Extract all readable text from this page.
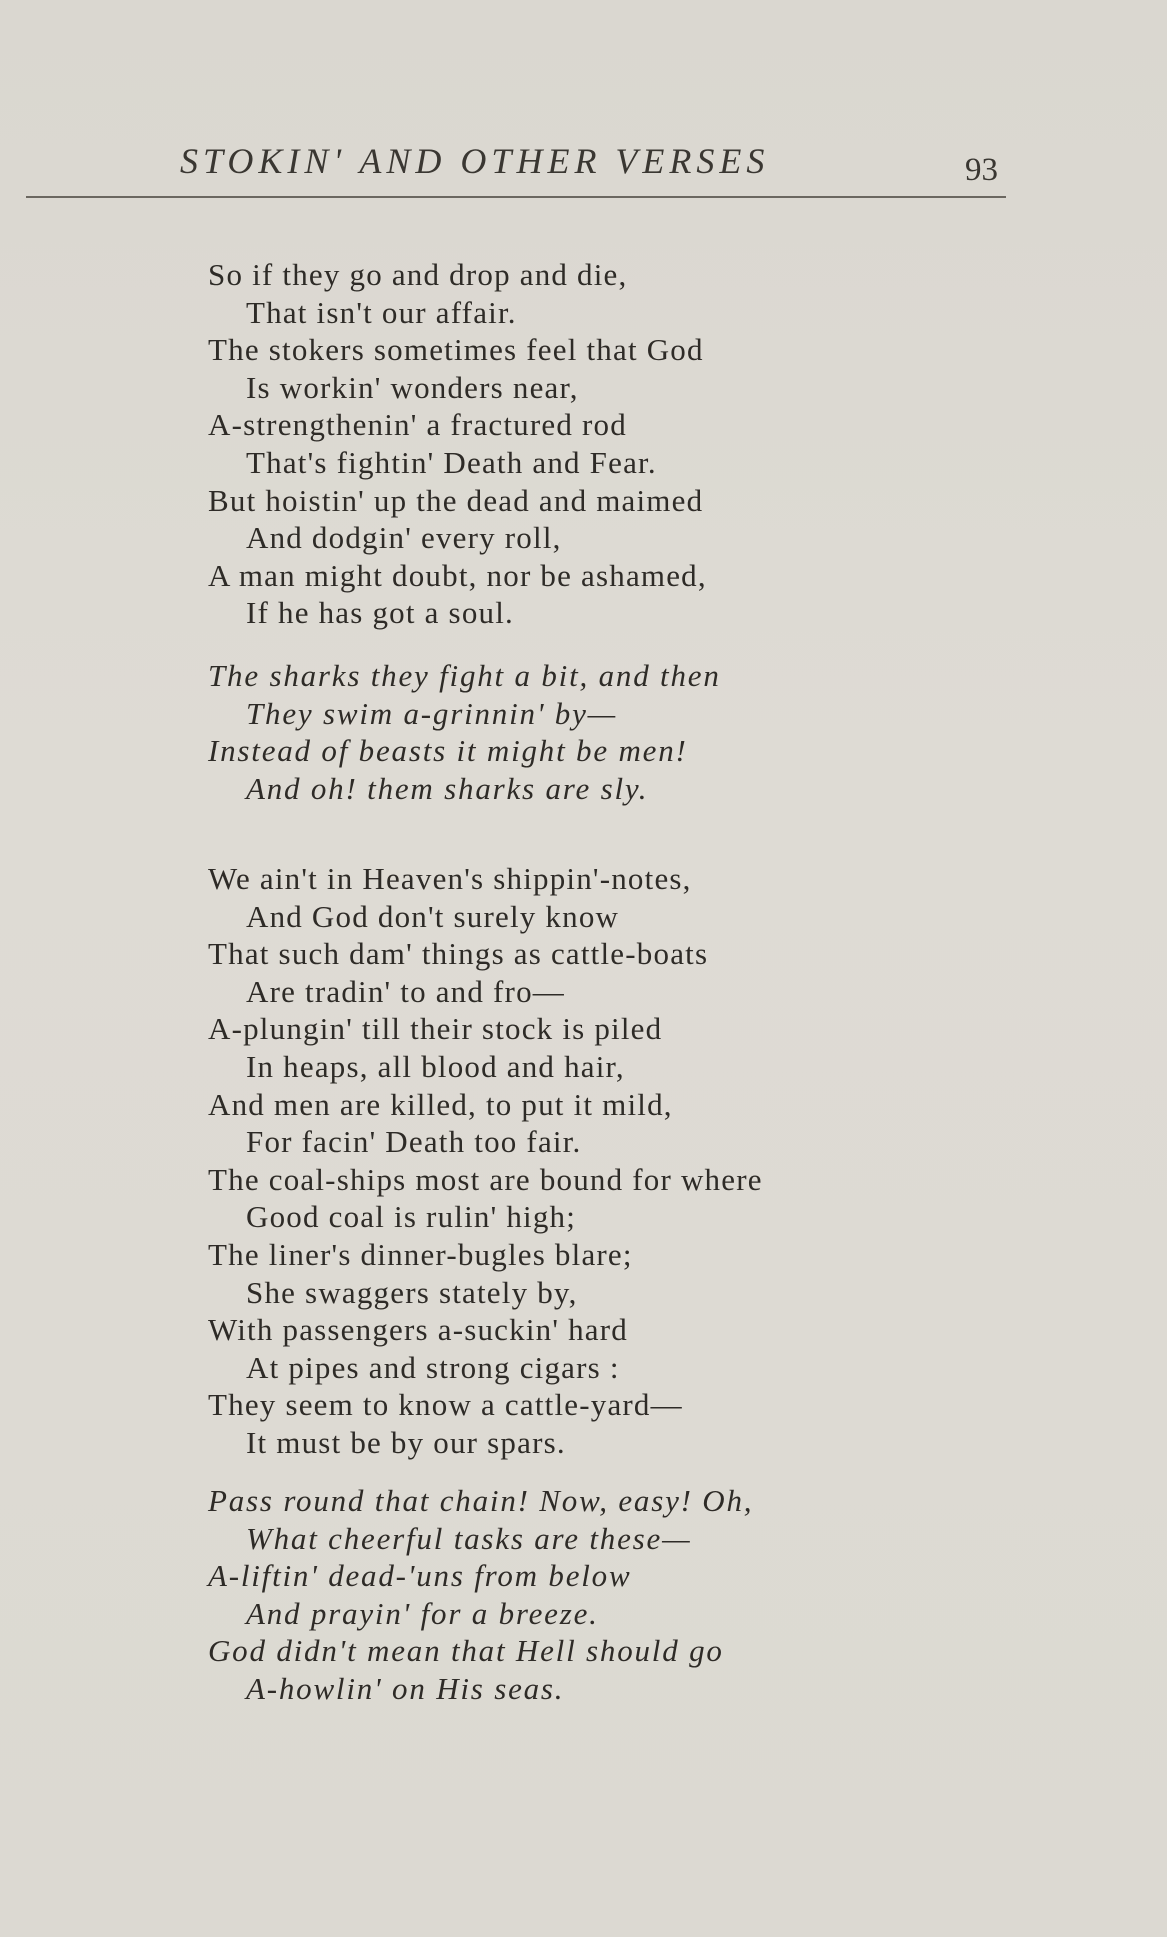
STOKIN' AND OTHER VERSES	93
So if they go and drop and die,
That isn't our affair.
The stokers sometimes feel that God
Is workin' wonders near,
A-strengthenin' a fractured rod
That's fightin' Death and Fear.
But hoistin' up the dead and maimed
And dodgin' every roll,
A man might doubt, nor be ashamed,
If he has got a soul.
The sharks they fight a bit, and then
They swim a-grinnin' by—
Instead of beasts it might be men!
And oh! them sharks are sly.
We ain't in Heaven's shippin'-notes,
And God don't surely know
That such dam' things as cattle-boats
Are tradin' to and fro—
A-plungin' till their stock is piled
In heaps, all blood and hair,
And men are killed, to put it mild,
For facin' Death too fair.
The coal-ships most are bound for where
Good coal is rulin' high;
The liner's dinner-bugles blare;
She swaggers stately by,
With passengers a-suckin' hard
At pipes and strong cigars :
They seem to know a cattle-yard—
It must be by our spars.
Pass round that chain! Now, easy! Oh,
What cheerful tasks are these—
A-liftin' dead-'uns from below
And prayin' for a breeze.
God didn't mean that Hell should go
A-howlin' on His seas.
